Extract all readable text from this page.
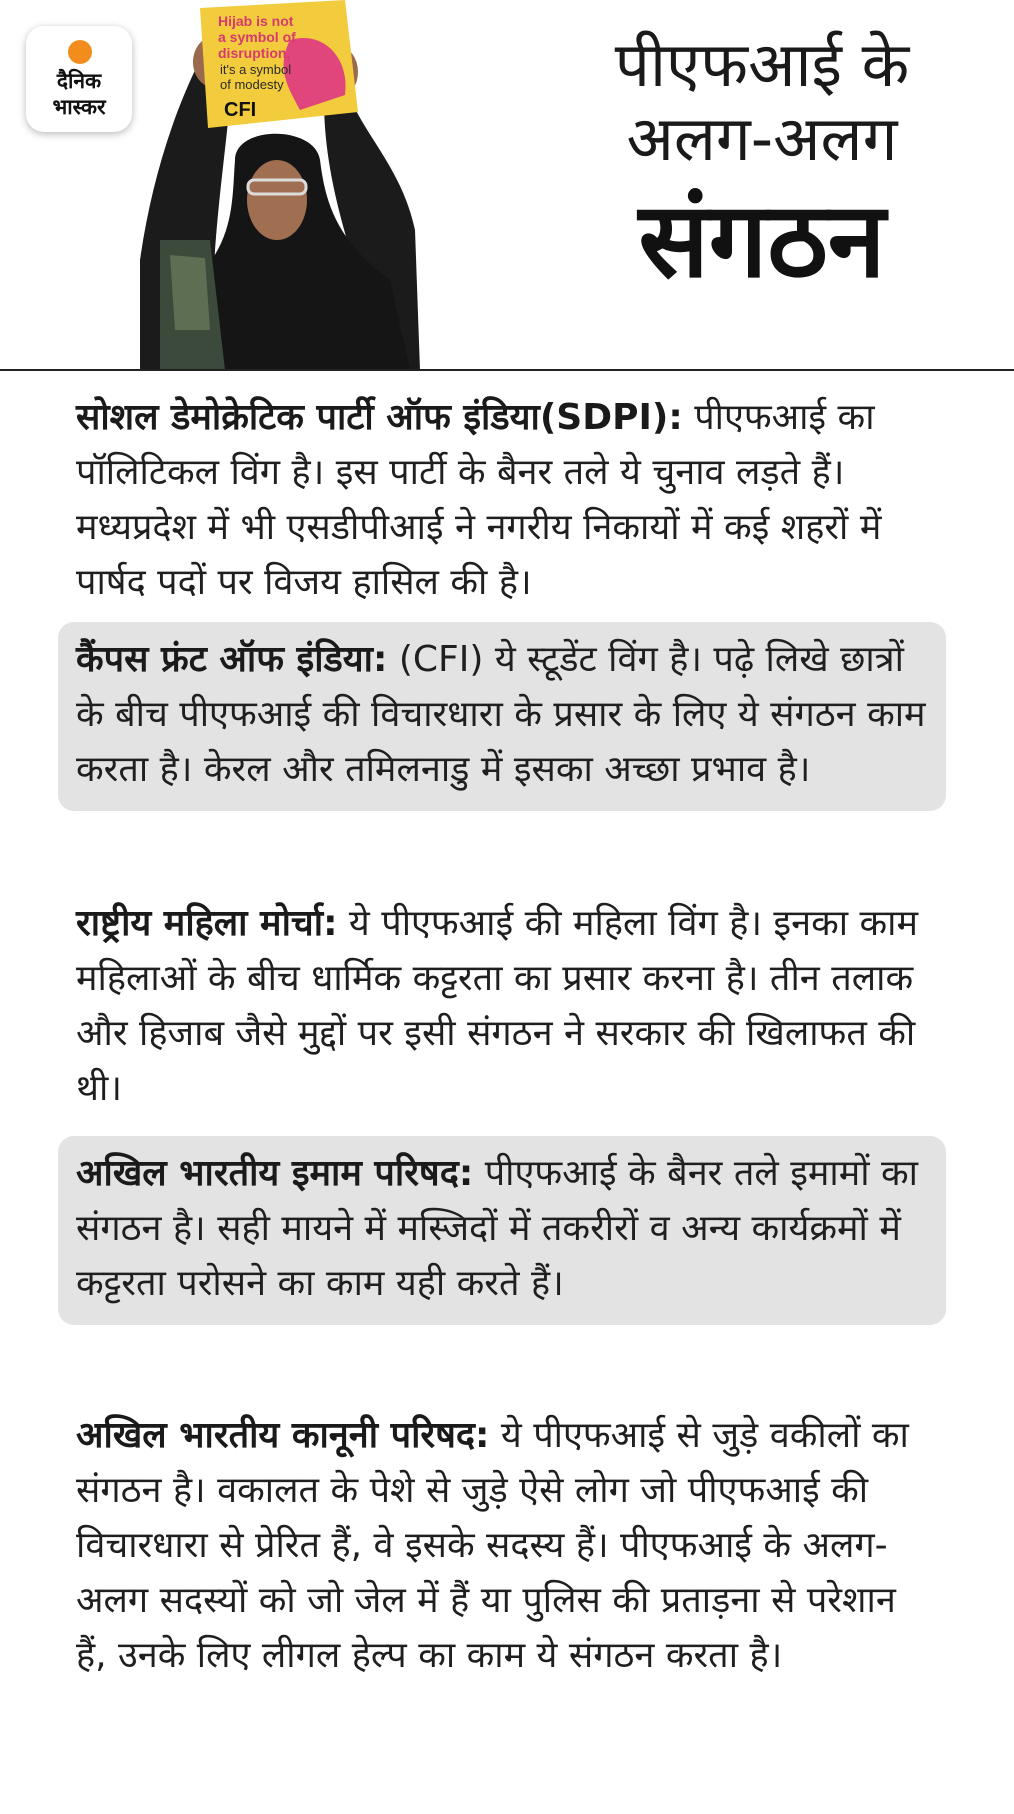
दैनिक
भास्कर
Hijab is not
a symbol of
disruption,
it's a symbol
of modesty
CFI
पीएफआई के
अलग-अलग
संगठन

सोशल डेमोक्रेटिक पार्टी ऑफ इंडिया(SDPI): पीएफआई का पॉलिटिकल विंग है। इस पार्टी के बैनर तले ये चुनाव लड़ते हैं। मध्यप्रदेश में भी एसडीपीआई ने नगरीय निकायों में कई शहरों में पार्षद पदों पर विजय हासिल की है।

कैंपस फ्रंट ऑफ इंडिया: (CFI) ये स्टूडेंट विंग है। पढ़े लिखे छात्रों के बीच पीएफआई की विचारधारा के प्रसार के लिए ये संगठन काम करता है। केरल और तमिलनाडु में इसका अच्छा प्रभाव है।

राष्ट्रीय महिला मोर्चा: ये पीएफआई की महिला विंग है। इनका काम महिलाओं के बीच धार्मिक कट्टरता का प्रसार करना है। तीन तलाक और हिजाब जैसे मुद्दों पर इसी संगठन ने सरकार की खिलाफत की थी।

अखिल भारतीय इमाम परिषद: पीएफआई के बैनर तले इमामों का संगठन है। सही मायने में मस्जिदों में तकरीरों व अन्य कार्यक्रमों में कट्टरता परोसने का काम यही करते हैं।

अखिल भारतीय कानूनी परिषद: ये पीएफआई से जुड़े वकीलों का संगठन है। वकालत के पेशे से जुड़े ऐसे लोग जो पीएफआई की विचारधारा से प्रेरित हैं, वे इसके सदस्य हैं। पीएफआई के अलग-अलग सदस्यों को जो जेल में हैं या पुलिस की प्रताड़ना से परेशान हैं, उनके लिए लीगल हेल्प का काम ये संगठन करता है।
